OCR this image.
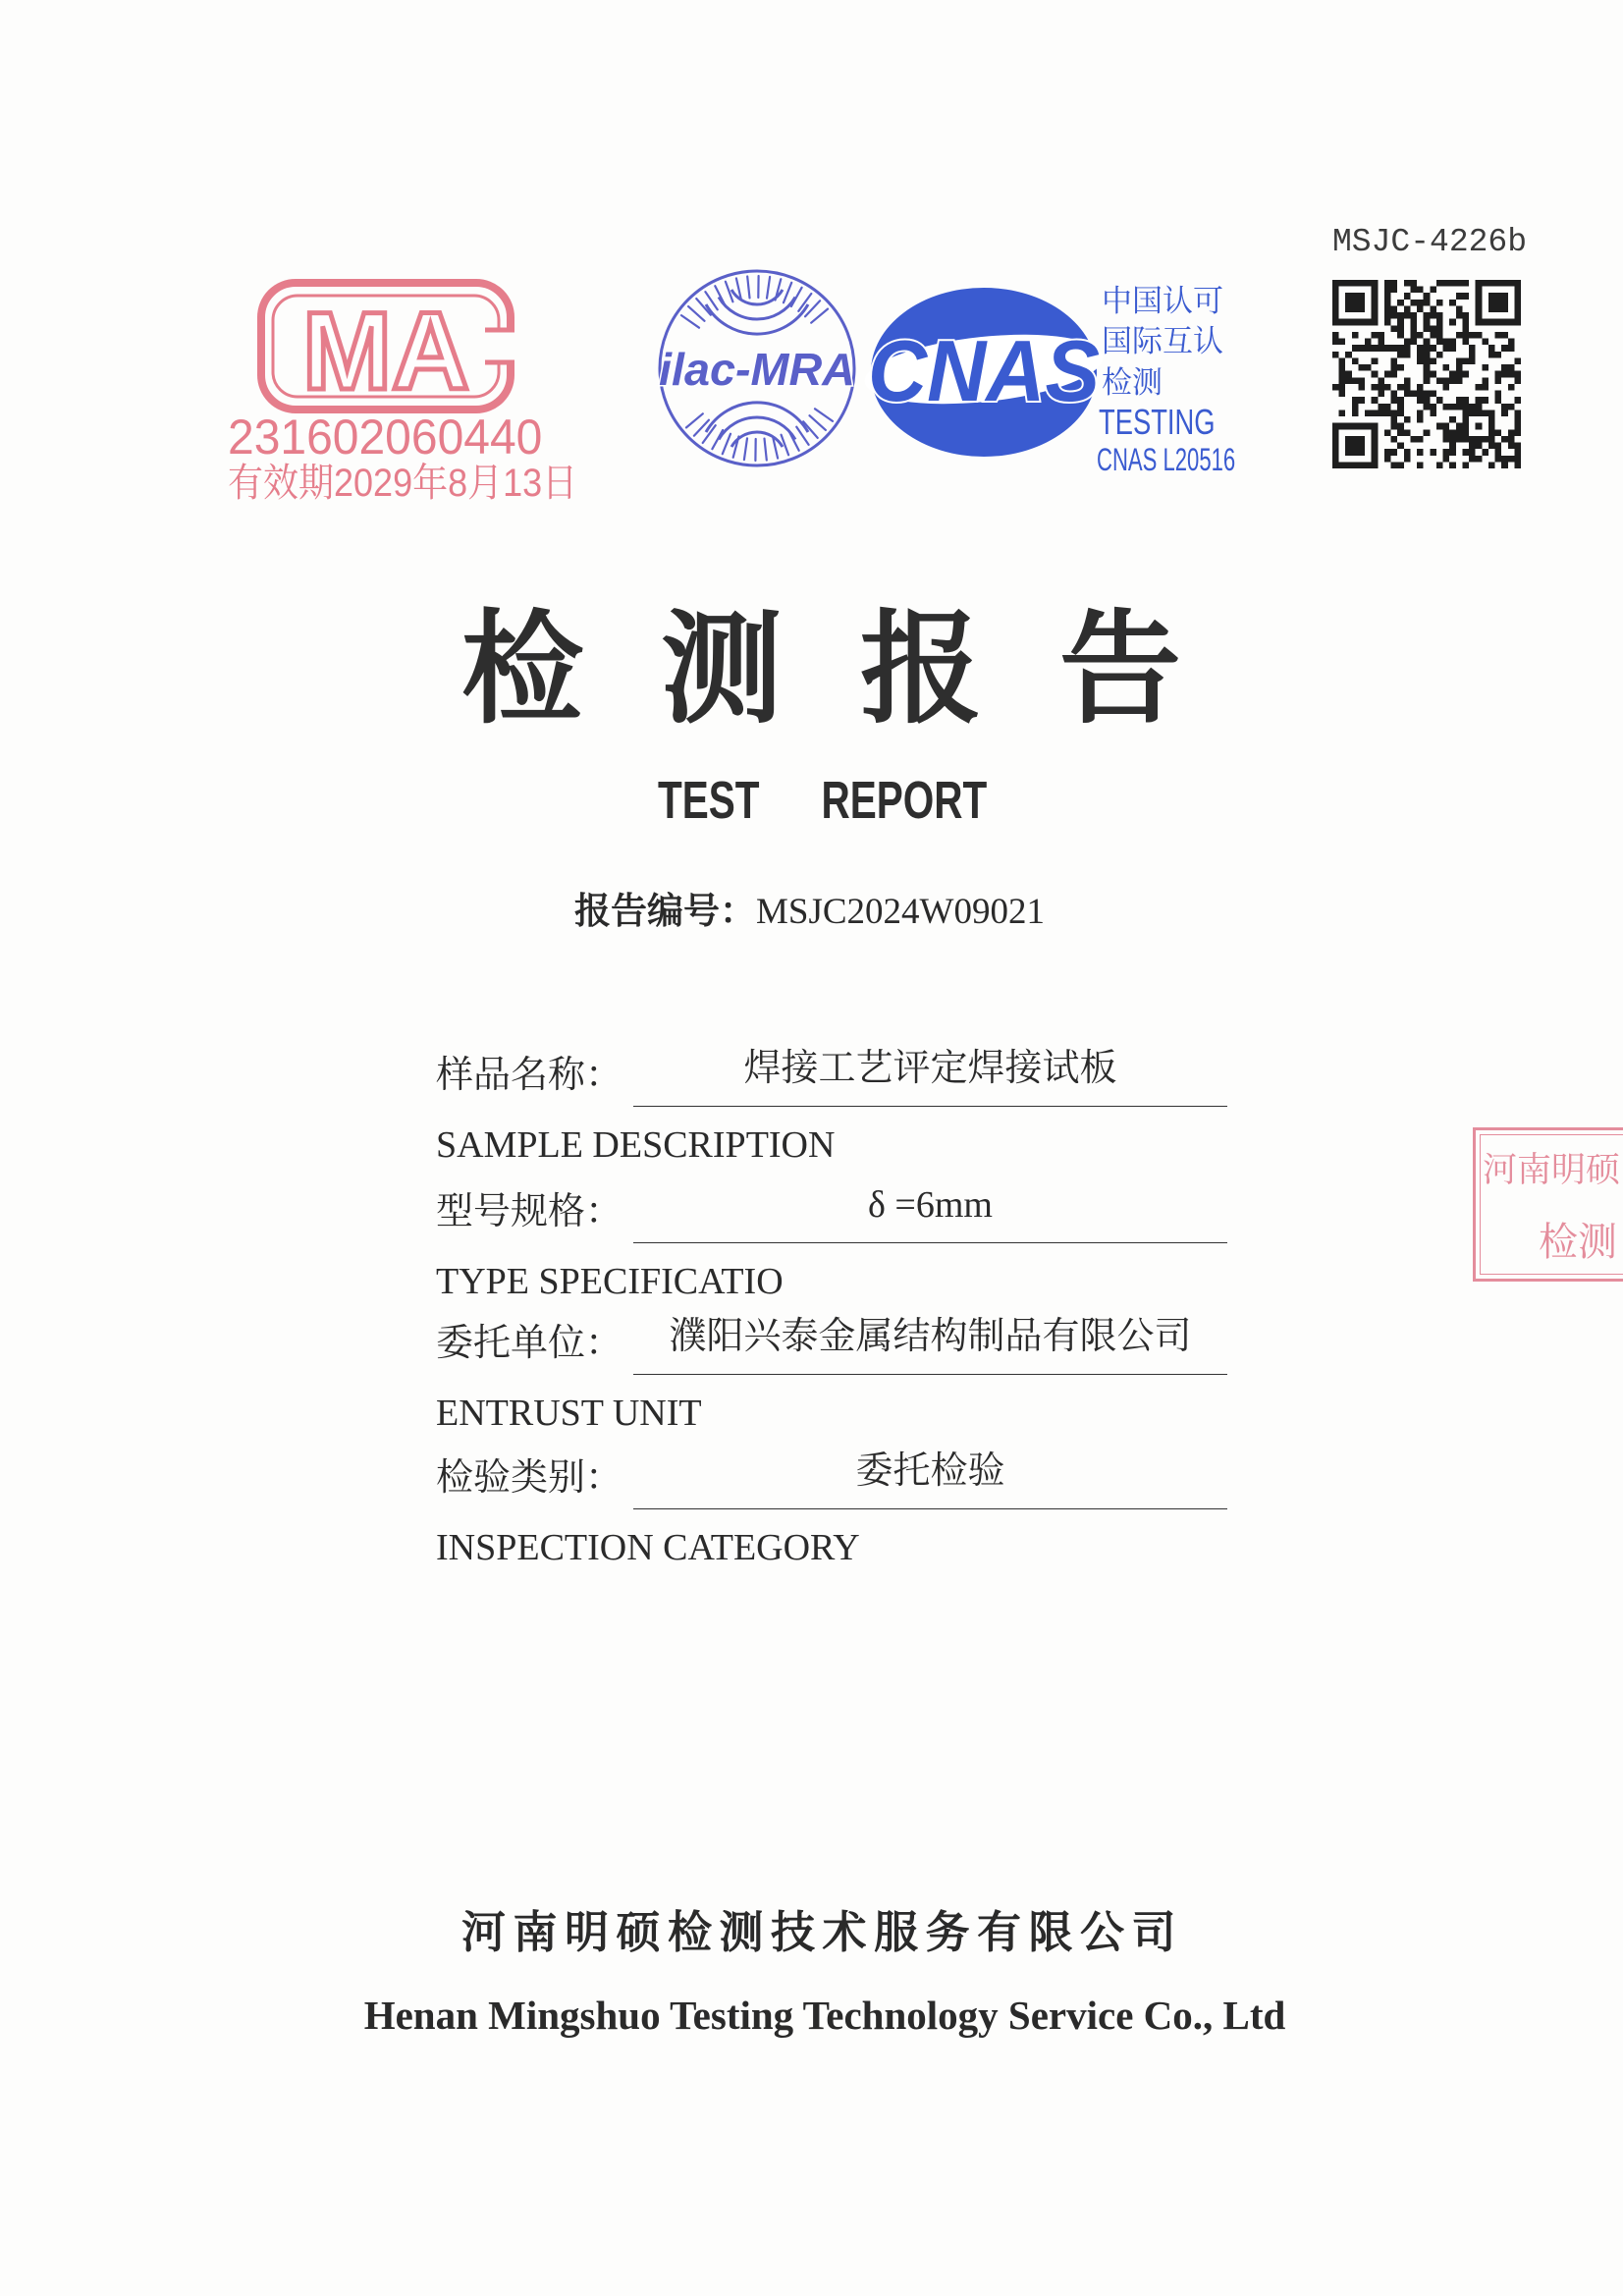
MSJC-4226b
MA
231602060440
有效期2029年8月13日
ilac-MRA CNAS
中国认可
国际互认
检测
TESTING
CNAS L20516
检测报告
TEST REPORT
报告编号：MSJC2024W09021
样品名称：	焊接工艺评定焊接试板
SAMPLE DESCRIPTION
型号规格：	δ =6mm
TYPE SPECIFICATIO
委托单位：	濮阳兴泰金属结构制品有限公司
ENTRUST UNIT
检验类别：	委托检验
INSPECTION CATEGORY
河南明硕检测技术服务有限公司
Henan Mingshuo Testing Technology Service Co., Ltd
河南明硕
检测
